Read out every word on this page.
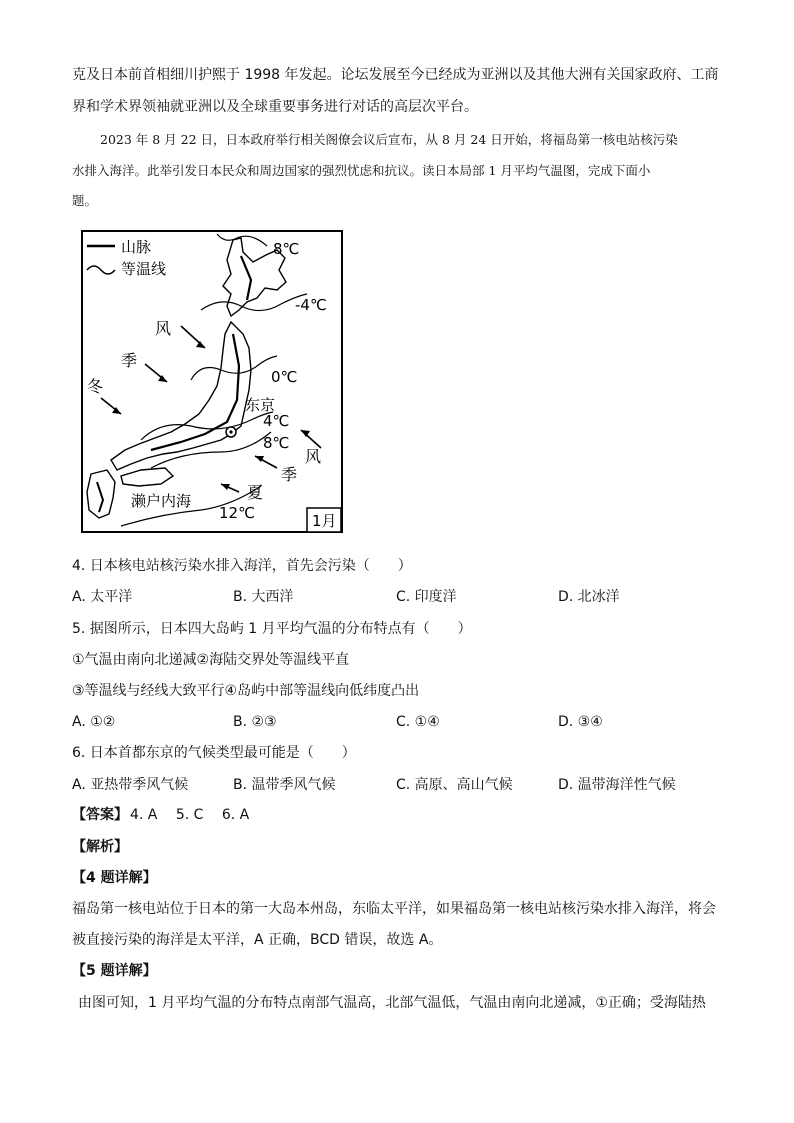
克及日本前首相细川护熙于 1998 年发起。论坛发展至今已经成为亚洲以及其他大洲有关国家政府、工商
界和学术界领袖就亚洲以及全球重要事务进行对话的高层次平台。
2023 年 8 月 22 日，日本政府举行相关阁僚会议后宣布，从 8 月 24 日开始，将福岛第一核电站核污染
水排入海洋。此举引发日本民众和周边国家的强烈忧虑和抗议。读日本局部 1 月平均气温图，完成下面小
题。
山脉
等温线
8℃
-4℃
0℃
4℃
8℃
12℃
东京
风
季
冬
风
季
夏
濑户内海
1月
4. 日本核电站核污染水排入海洋，首先会污染（　　）
A. 太平洋	B. 大西洋	C. 印度洋	D. 北冰洋
5. 据图所示，日本四大岛屿 1 月平均气温的分布特点有（　　）
①气温由南向北递减②海陆交界处等温线平直
③等温线与经线大致平行④岛屿中部等温线向低纬度凸出
A. ①②	B. ②③	C. ①④	D. ③④
6. 日本首都东京的气候类型最可能是（　　）
A. 亚热带季风气候	B. 温带季风气候	C. 高原、高山气候	D. 温带海洋性气候
【答案】 4. A　 5. C　 6. A
【解析】
【4 题详解】
福岛第一核电站位于日本的第一大岛本州岛，东临太平洋，如果福岛第一核电站核污染水排入海洋，将会
被直接污染的海洋是太平洋，A 正确，BCD 错误，故选 A。
【5 题详解】
由图可知，1 月平均气温的分布特点南部气温高，北部气温低，气温由南向北递减，①正确；受海陆热
